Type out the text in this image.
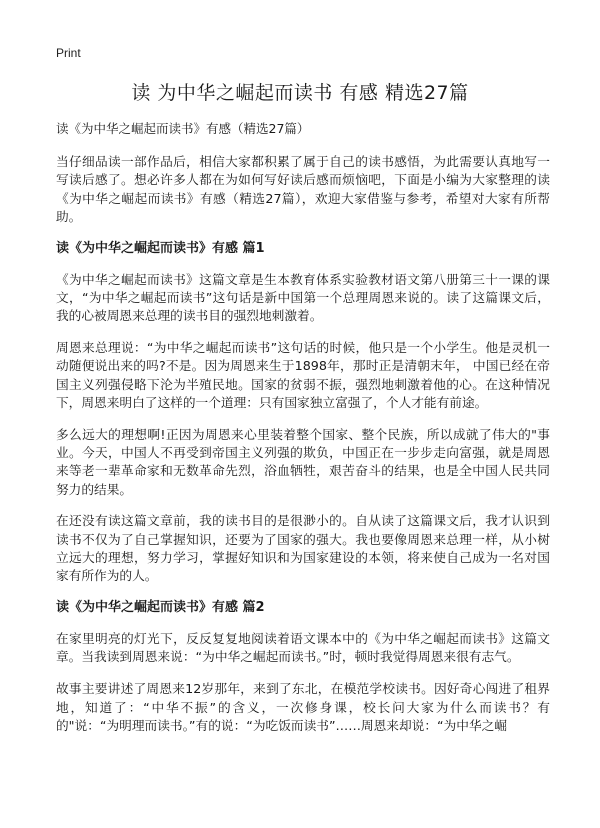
Print
读 为中华之崛起而读书 有感 精选27篇
读《为中华之崛起而读书》有感（精选27篇）

当仔细品读一部作品后，相信大家都积累了属于自己的读书感悟，为此需要认真地写一写读后感了。想必许多人都在为如何写好读后感而烦恼吧，下面是小编为大家整理的读《为中华之崛起而读书》有感（精选27篇），欢迎大家借鉴与参考，希望对大家有所帮助。

读《为中华之崛起而读书》有感 篇1

《为中华之崛起而读书》这篇文章是生本教育体系实验教材语文第八册第三十一课的课文，“为中华之崛起而读书”这句话是新中国第一个总理周恩来说的。读了这篇课文后，我的心被周恩来总理的读书目的强烈地刺激着。

周恩来总理说：“为中华之崛起而读书”这句话的时候，他只是一个小学生。他是灵机一动随便说出来的吗?不是。因为周恩来生于1898年，那时正是清朝末年， 中国已经在帝国主义列强侵略下沦为半殖民地。国家的贫弱不振，强烈地刺激着他的心。在这种情况下，周恩来明白了这样的一个道理：只有国家独立富强了，个人才能有前途。

多么远大的理想啊!正因为周恩来心里装着整个国家、整个民族，所以成就了伟大的"事业。今天，中国人不再受到帝国主义列强的欺负，中国正在一步步走向富强，就是周恩来等老一辈革命家和无数革命先烈，浴血牺牲，艰苦奋斗的结果，也是全中国人民共同努力的结果。

在还没有读这篇文章前，我的读书目的是很渺小的。自从读了这篇课文后，我才认识到读书不仅为了自己掌握知识，还要为了国家的强大。我也要像周恩来总理一样，从小树立远大的理想，努力学习，掌握好知识和为国家建设的本领，将来使自己成为一名对国家有所作为的人。

读《为中华之崛起而读书》有感 篇2

在家里明亮的灯光下，反反复复地阅读着语文课本中的《为中华之崛起而读书》这篇文章。当我读到周恩来说：“为中华之崛起而读书。”时，顿时我觉得周恩来很有志气。

故事主要讲述了周恩来12岁那年，来到了东北，在模范学校读书。因好奇心闯进了租界地，知道了：“中华不振”的含义，一次修身课，校长问大家为什么而读书？有的"说：“为明理而读书。”有的说：“为吃饭而读书”……周恩来却说：“为中华之崛
